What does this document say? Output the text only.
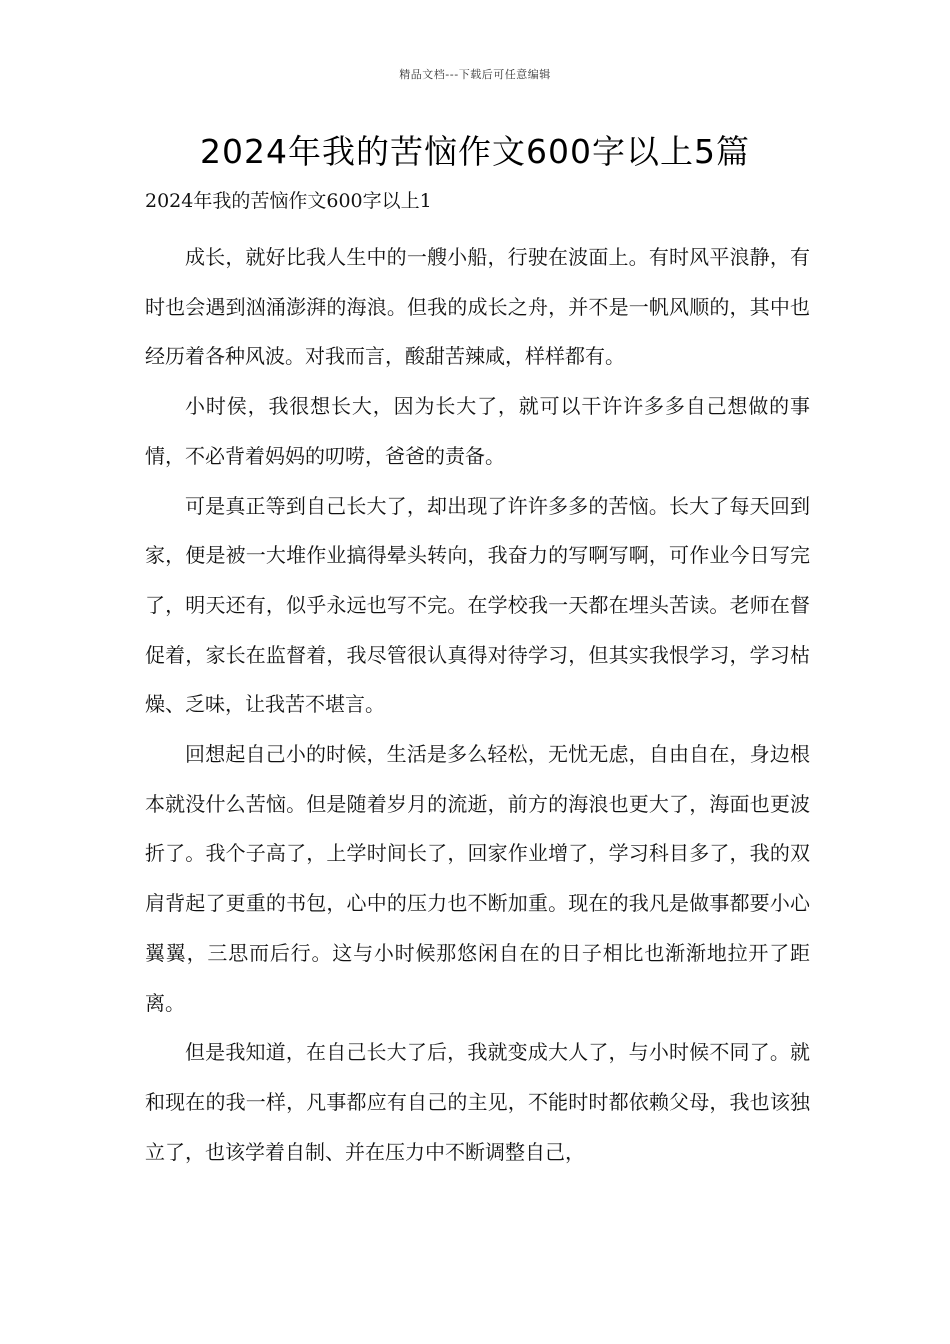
精品文档---下载后可任意编辑
2024年我的苦恼作文600字以上5篇
2024年我的苦恼作文600字以上1

成长，就好比我人生中的一艘小船，行驶在波面上。有时风平浪静，有时也会遇到汹涌澎湃的海浪。但我的成长之舟，并不是一帆风顺的，其中也经历着各种风波。对我而言，酸甜苦辣咸，样样都有。

小时侯，我很想长大，因为长大了，就可以干许许多多自己想做的事情，不必背着妈妈的叨唠，爸爸的责备。

可是真正等到自己长大了，却出现了许许多多的苦恼。长大了每天回到家，便是被一大堆作业搞得晕头转向，我奋力的写啊写啊，可作业今日写完了，明天还有，似乎永远也写不完。在学校我一天都在埋头苦读。老师在督促着，家长在监督着，我尽管很认真得对待学习，但其实我恨学习，学习枯燥、乏味，让我苦不堪言。

回想起自己小的时候，生活是多么轻松，无忧无虑，自由自在，身边根本就没什么苦恼。但是随着岁月的流逝，前方的海浪也更大了，海面也更波折了。我个子高了，上学时间长了，回家作业增了，学习科目多了，我的双肩背起了更重的书包，心中的压力也不断加重。现在的我凡是做事都要小心翼翼，三思而后行。这与小时候那悠闲自在的日子相比也渐渐地拉开了距离。

但是我知道，在自己长大了后，我就变成大人了，与小时候不同了。就和现在的我一样，凡事都应有自己的主见，不能时时都依赖父母，我也该独立了，也该学着自制、并在压力中不断调整自己，
